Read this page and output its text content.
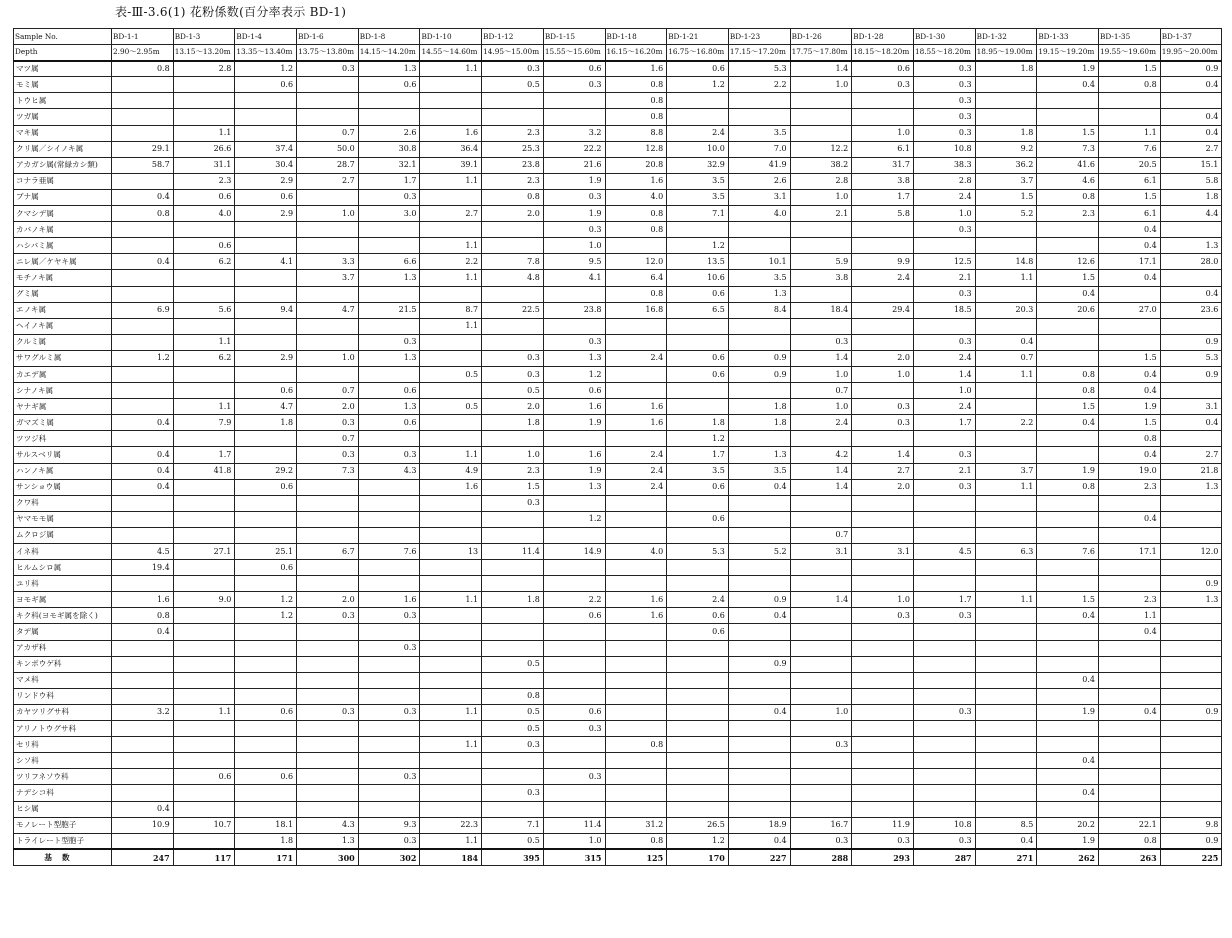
表-Ⅲ-3.6(1) 花粉係数(百分率表示 BD-1)
Sample No.	BD-1-1	BD-1-3	BD-1-4	BD-1-6	BD-1-8	BD-1-10	BD-1-12	BD-1-15	BD-1-18	BD-1-21	BD-1-23	BD-1-26	BD-1-28	BD-1-30	BD-1-32	BD-1-33	BD-1-35	BD-1-37
Depth	2.90～2.95m	13.15～13.20m	13.35～13.40m	13.75～13.80m	14.15～14.20m	14.55～14.60m	14.95～15.00m	15.55～15.60m	16.15～16.20m	16.75～16.80m	17.15～17.20m	17.75～17.80m	18.15～18.20m	18.55～18.20m	18.95～19.00m	19.15～19.20m	19.55～19.60m	19.95～20.00m
マツ属	0.8	2.8	1.2	0.3	1.3	1.1	0.3	0.6	1.6	0.6	5.3	1.4	0.6	0.3	1.8	1.9	1.5	0.9
モミ属			0.6		0.6		0.5	0.3	0.8	1.2	2.2	1.0	0.3	0.3		0.4	0.8	0.4
トウヒ属									0.8					0.3				
ツガ属									0.8					0.3				0.4
マキ属		1.1		0.7	2.6	1.6	2.3	3.2	8.8	2.4	3.5		1.0	0.3	1.8	1.5	1.1	0.4
クリ属／シイノキ属	29.1	26.6	37.4	50.0	30.8	36.4	25.3	22.2	12.8	10.0	7.0	12.2	6.1	10.8	9.2	7.3	7.6	2.7
アカガシ属(常緑カシ類)	58.7	31.1	30.4	28.7	32.1	39.1	23.8	21.6	20.8	32.9	41.9	38.2	31.7	38.3	36.2	41.6	20.5	15.1
コナラ亜属		2.3	2.9	2.7	1.7	1.1	2.3	1.9	1.6	3.5	2.6	2.8	3.8	2.8	3.7	4.6	6.1	5.8
ブナ属	0.4	0.6	0.6		0.3		0.8	0.3	4.0	3.5	3.1	1.0	1.7	2.4	1.5	0.8	1.5	1.8
クマシデ属	0.8	4.0	2.9	1.0	3.0	2.7	2.0	1.9	0.8	7.1	4.0	2.1	5.8	1.0	5.2	2.3	6.1	4.4
カバノキ属								0.3	0.8					0.3			0.4	
ハシバミ属		0.6				1.1		1.0		1.2							0.4	1.3
ニレ属／ケヤキ属	0.4	6.2	4.1	3.3	6.6	2.2	7.8	9.5	12.0	13.5	10.1	5.9	9.9	12.5	14.8	12.6	17.1	28.0
モチノキ属				3.7	1.3	1.1	4.8	4.1	6.4	10.6	3.5	3.8	2.4	2.1	1.1	1.5	0.4	
グミ属									0.8	0.6	1.3			0.3		0.4		0.4
エノキ属	6.9	5.6	9.4	4.7	21.5	8.7	22.5	23.8	16.8	6.5	8.4	18.4	29.4	18.5	20.3	20.6	27.0	23.6
ヘイノキ属						1.1												
クルミ属		1.1			0.3			0.3				0.3		0.3	0.4			0.9
サワグルミ属	1.2	6.2	2.9	1.0	1.3		0.3	1.3	2.4	0.6	0.9	1.4	2.0	2.4	0.7		1.5	5.3
カエデ属						0.5	0.3	1.2		0.6	0.9	1.0	1.0	1.4	1.1	0.8	0.4	0.9
シナノキ属			0.6	0.7	0.6		0.5	0.6				0.7		1.0		0.8	0.4	
ヤナギ属		1.1	4.7	2.0	1.3	0.5	2.0	1.6	1.6		1.8	1.0	0.3	2.4		1.5	1.9	3.1
ガマズミ属	0.4	7.9	1.8	0.3	0.6		1.8	1.9	1.6	1.8	1.8	2.4	0.3	1.7	2.2	0.4	1.5	0.4
ツツジ科				0.7						1.2							0.8	
サルスベリ属	0.4	1.7		0.3	0.3	1.1	1.0	1.6	2.4	1.7	1.3	4.2	1.4	0.3			0.4	2.7
ハンノキ属	0.4	41.8	29.2	7.3	4.3	4.9	2.3	1.9	2.4	3.5	3.5	1.4	2.7	2.1	3.7	1.9	19.0	21.8
サンショウ属	0.4		0.6			1.6	1.5	1.3	2.4	0.6	0.4	1.4	2.0	0.3	1.1	0.8	2.3	1.3
クワ科							0.3											
ヤマモモ属								1.2		0.6							0.4	
ムクロジ属												0.7						
イネ科	4.5	27.1	25.1	6.7	7.6	13	11.4	14.9	4.0	5.3	5.2	3.1	3.1	4.5	6.3	7.6	17.1	12.0
ヒルムシロ属	19.4		0.6															
ユリ科																		0.9
ヨモギ属	1.6	9.0	1.2	2.0	1.6	1.1	1.8	2.2	1.6	2.4	0.9	1.4	1.0	1.7	1.1	1.5	2.3	1.3
キク科(ヨモギ属を除く)	0.8		1.2	0.3	0.3			0.6	1.6	0.6	0.4		0.3	0.3		0.4	1.1	
タデ属	0.4									0.6							0.4	
アカザ科					0.3													
キンポウゲ科							0.5				0.9							
マメ科																0.4		
リンドウ科							0.8											
カヤツリグサ科	3.2	1.1	0.6	0.3	0.3	1.1	0.5	0.6			0.4	1.0		0.3		1.9	0.4	0.9
アリノトウグサ科							0.5	0.3										
セリ科						1.1	0.3		0.8			0.3						
シソ科																0.4		
ツリフネソウ科		0.6	0.6		0.3			0.3										
ナデシコ科							0.3									0.4		
ヒシ属	0.4																	
モノレート型胞子	10.9	10.7	18.1	4.3	9.3	22.3	7.1	11.4	31.2	26.5	18.9	16.7	11.9	10.8	8.5	20.2	22.1	9.8
トライレート型胞子			1.8	1.3	0.3	1.1	0.5	1.0	0.8	1.2	0.4	0.3	0.3	0.3	0.4	1.9	0.8	0.9
基数	247	117	171	300	302	184	395	315	125	170	227	288	293	287	271	262	263	225
